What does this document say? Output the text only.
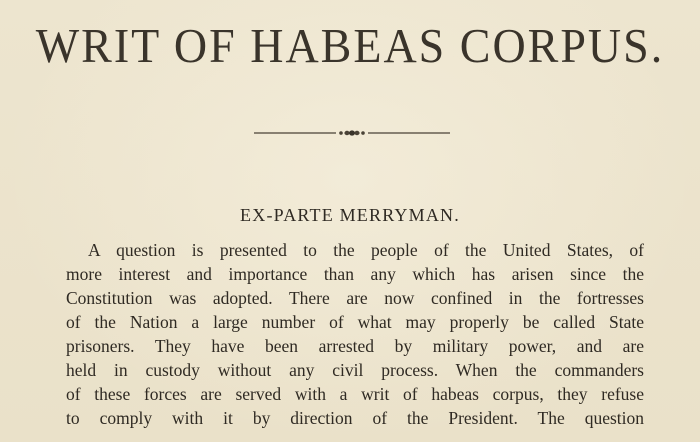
WRIT OF HABEAS CORPUS.
EX-PARTE MERRYMAN.
A question is presented to the people of the United States, of
more interest and importance than any which has arisen since the
Constitution was adopted. There are now confined in the fortresses
of the Nation a large number of what may properly be called State
prisoners. They have been arrested by military power, and are
held in custody without any civil process. When the commanders
of these forces are served with a writ of habeas corpus, they refuse
to comply with it by direction of the President. The question
